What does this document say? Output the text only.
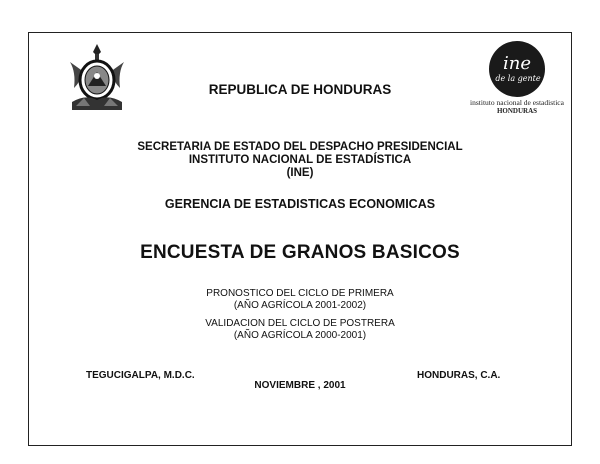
ine
de la gente
instituto nacional de estadistica
HONDURAS
REPUBLICA DE HONDURAS
SECRETARIA DE ESTADO DEL DESPACHO PRESIDENCIAL
INSTITUTO NACIONAL DE ESTADÍSTICA
(INE)
GERENCIA DE ESTADISTICAS ECONOMICAS
ENCUESTA DE GRANOS BASICOS
PRONOSTICO DEL CICLO DE PRIMERA
(AÑO AGRÍCOLA 2001-2002)
VALIDACION DEL CICLO DE POSTRERA
(AÑO AGRÍCOLA 2000-2001)
TEGUCIGALPA, M.D.C.	HONDURAS, C.A.
NOVIEMBRE , 2001
